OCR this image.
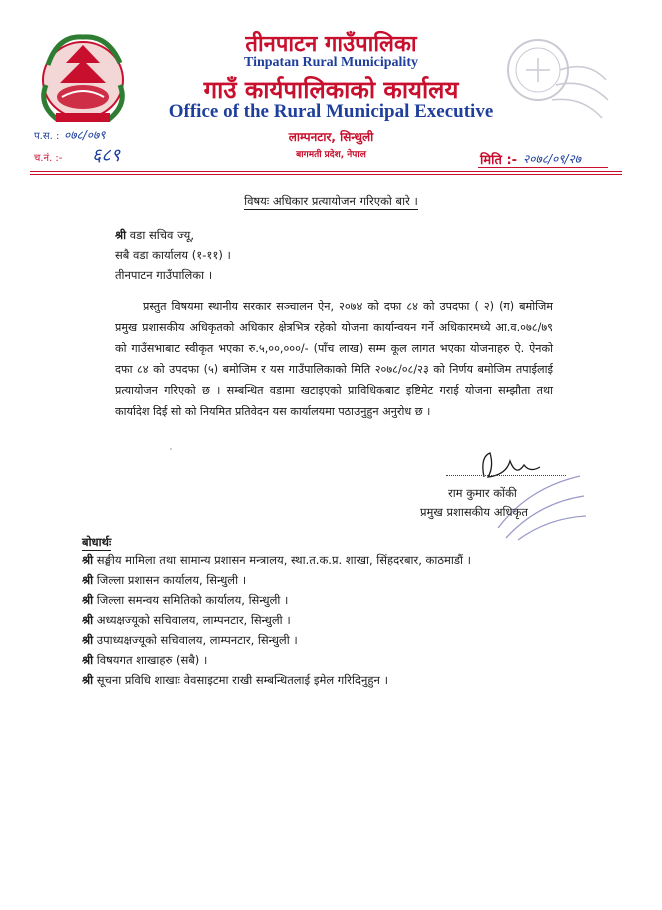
तीनपाटन गाउँपालिका
Tinpatan Rural Municipality
गाउँ कार्यपालिकाको कार्यालय
Office of the Rural Municipal Executive
लाम्पनटार, सिन्धुली
बागमती प्रदेश, नेपाल
प.स. : ०७८/०७९
च.नं. :- ६८९	मिति :- २०७८/०९/२७
विषयः अधिकार प्रत्यायोजन गरिएको बारे ।
श्री वडा सचिव ज्यू,
सबै वडा कार्यालय (१-११) ।
तीनपाटन गाउँपालिका ।
प्रस्तुत विषयमा स्थानीय सरकार सञ्चालन ऐन, २०७४ को दफा ८४ को उपदफा ( २) (ग) बमोजिम प्रमुख प्रशासकीय अधिकृतको अधिकार क्षेत्रभित्र रहेको योजना कार्यान्वयन गर्ने अधिकारमध्ये आ.व.०७८/७९ को गाउँसभाबाट स्वीकृत भएका रु.५,००,०००/- (पाँच लाख) सम्म कूल लागत भएका योजनाहरु ऐ. ऐनको दफा ८४ को उपदफा (५) बमोजिम र यस गाउँपालिकाको मिति २०७८/०८/२३ को निर्णय बमोजिम तपाईलाई प्रत्यायोजन गरिएको छ । सम्बन्धित वडामा खटाइएको प्राविधिकबाट इष्टिमेट गराई योजना सम्झौता तथा कार्यादेश दिई सो को नियमित प्रतिवेदन यस कार्यालयमा पठाउनुहुन अनुरोध छ ।
'
राम कुमार कोंकी
प्रमुख प्रशासकीय अधिकृत
बोधार्थः
श्री सङ्घीय मामिला तथा सामान्य प्रशासन मन्त्रालय, स्था.त.क.प्र. शाखा, सिंहदरबार, काठमाडौं ।
श्री जिल्ला प्रशासन कार्यालय, सिन्धुली ।
श्री जिल्ला समन्वय समितिको कार्यालय, सिन्धुली ।
श्री अध्यक्षज्यूको सचिवालय, लाम्पनटार, सिन्धुली ।
श्री उपाध्यक्षज्यूको सचिवालय, लाम्पनटार, सिन्धुली ।
श्री विषयगत शाखाहरु (सबै) ।
श्री सूचना प्रविधि शाखाः वेवसाइटमा राखी सम्बन्धितलाई इमेल गरिदिनुहुन ।
